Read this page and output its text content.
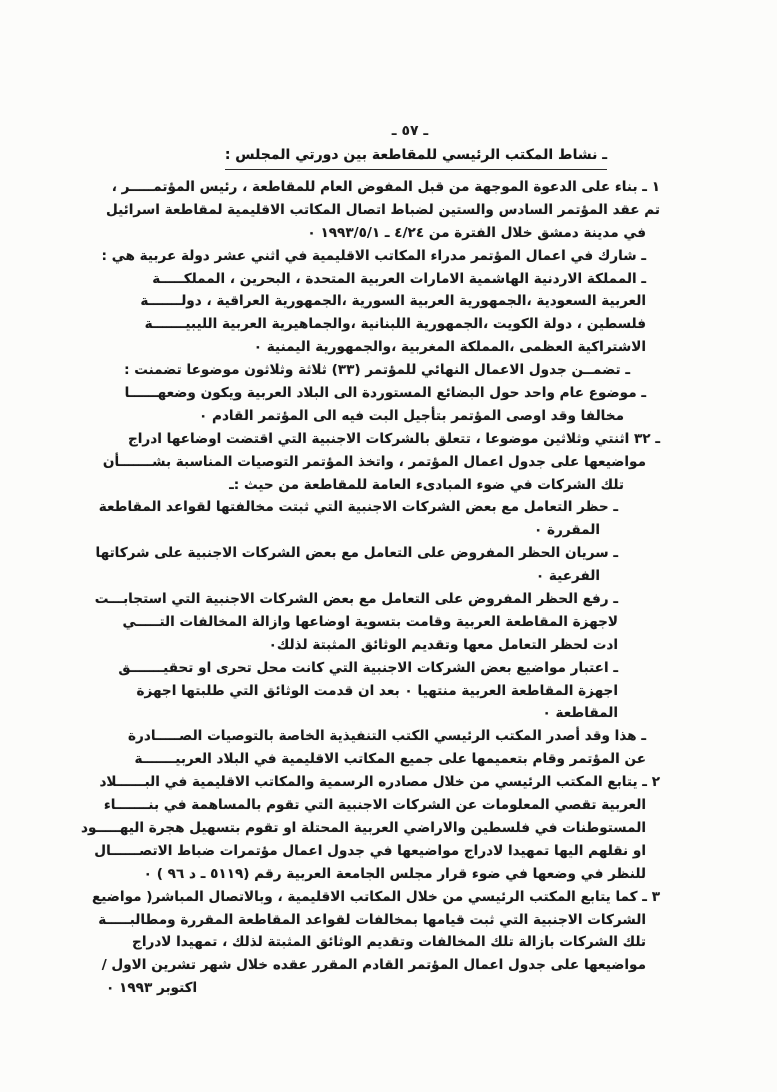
ـ ٥٧ ـ
ـ نشاط المكتب الرئيسي للمقاطعة بين دورتي المجلس :
١ ـ بناء على الدعوة الموجهة من قبل المفوض العام للمقاطعة ، رئيس المؤتمـــــر ،
تم عقد المؤتمر السادس والستين لضباط اتصال المكاتب الاقليمية لمقاطعة اسرائيل
في مدينة دمشق خلال الفترة من ٤/٢٤ ـ ١٩٩٣/٥/١ ٠
ـ شارك في اعمال المؤتمر مدراء المكاتب الاقليمية في اثني عشر دولة عربية هي :
ـ المملكة الاردنية الهاشمية الامارات العربية المتحدة ، البحرين ، المملكـــــة
العربية السعودية ،الجمهورية العربية السورية ،الجمهورية العراقية ، دولـــــــة
فلسطين ، دولة الكويت ،الجمهورية اللبنانية ،والجماهيرية العربية الليبيـــــــة
الاشتراكية العظمى ،المملكة المغربية ،والجمهورية اليمنية ٠
ـ تضمــن جدول الاعمال النهائي للمؤتمر (٣٣) ثلاثة وثلاثون موضوعا تضمنت :
ـ موضوع عام واحد حول البضائع المستوردة الى البلاد العربية ويكون وضعهــــــا
مخالفا وقد اوصى المؤتمر بتأجيل البت فيه الى المؤتمر القادم ٠
ـ ٣٢ اثنتي وثلاثين موضوعا ، تتعلق بالشركات الاجنبية التي اقتضت اوضاعها ادراج
مواضيعها على جدول اعمال المؤتمر ، واتخذ المؤتمر التوصيات المناسبة بشـــــــأن
تلك الشركات في ضوء المبادىء العامة للمقاطعة من حيث :ـ
ـ حظر التعامل مع بعض الشركات الاجنبية التي ثبتت مخالفتها لقواعد المقاطعة
المقررة ٠
ـ سريان الحظر المفروض على التعامل مع بعض الشركات الاجنبية على شركاتها
الفرعية ٠
ـ رفع الحظر المفروض على التعامل مع بعض الشركات الاجنبية التي استجابـــت
لاجهزة المقاطعة العربية وقامت بتسوية اوضاعها وازالة المخالفات التـــــي
ادت لحظر التعامل معها وتقديم الوثائق المثبتة لذلك٠
ـ اعتبار مواضيع بعض الشركات الاجنبية التي كانت محل تحرى او تحقيـــــــق
اجهزة المقاطعة العربية منتهيا ٠ بعد ان قدمت الوثائق التي طلبتها اجهزة
المقاطعة ٠
ـ هذا وقد أصدر المكتب الرئيسي الكتب التنفيذية الخاصة بالتوصيات الصـــــادرة
عن المؤتمر وقام بتعميمها على جميع المكاتب الاقليمية في البلاد العربيـــــــة
٢ ـ يتابع المكتب الرئيسي من خلال مصادره الرسمية والمكاتب الاقليمية في البــــــلاد
العربية تقصي المعلومات عن الشركات الاجنبية التي تقوم بالمساهمة في بنـــــــاء
المستوطنات في فلسطين والاراضي العربية المحتلة او تقوم بتسهيل هجرة اليهـــــود
او نقلهم اليها تمهيدا لادراج مواضيعها في جدول اعمال مؤتمرات ضباط الاتصــــــال
للنظر في وضعها في ضوء قرار مجلس الجامعة العربية رقم (٥١١٩ ـ د ٩٦ ) ٠
٣ ـ كما يتابع المكتب الرئيسي من خلال المكاتب الاقليمية ، وبالاتصال المباشر( مواضيع
الشركات الاجنبية التي ثبت قيامها بمخالفات لقواعد المقاطعة المقررة ومطالبـــــة
تلك الشركات بازالة تلك المخالفات وتقديم الوثائق المثبتة لذلك ، تمهيدا لادراج
مواضيعها على جدول اعمال المؤتمر القادم المقرر عقده خلال شهر تشرين الاول /
اكتوبر ١٩٩٣ ٠
